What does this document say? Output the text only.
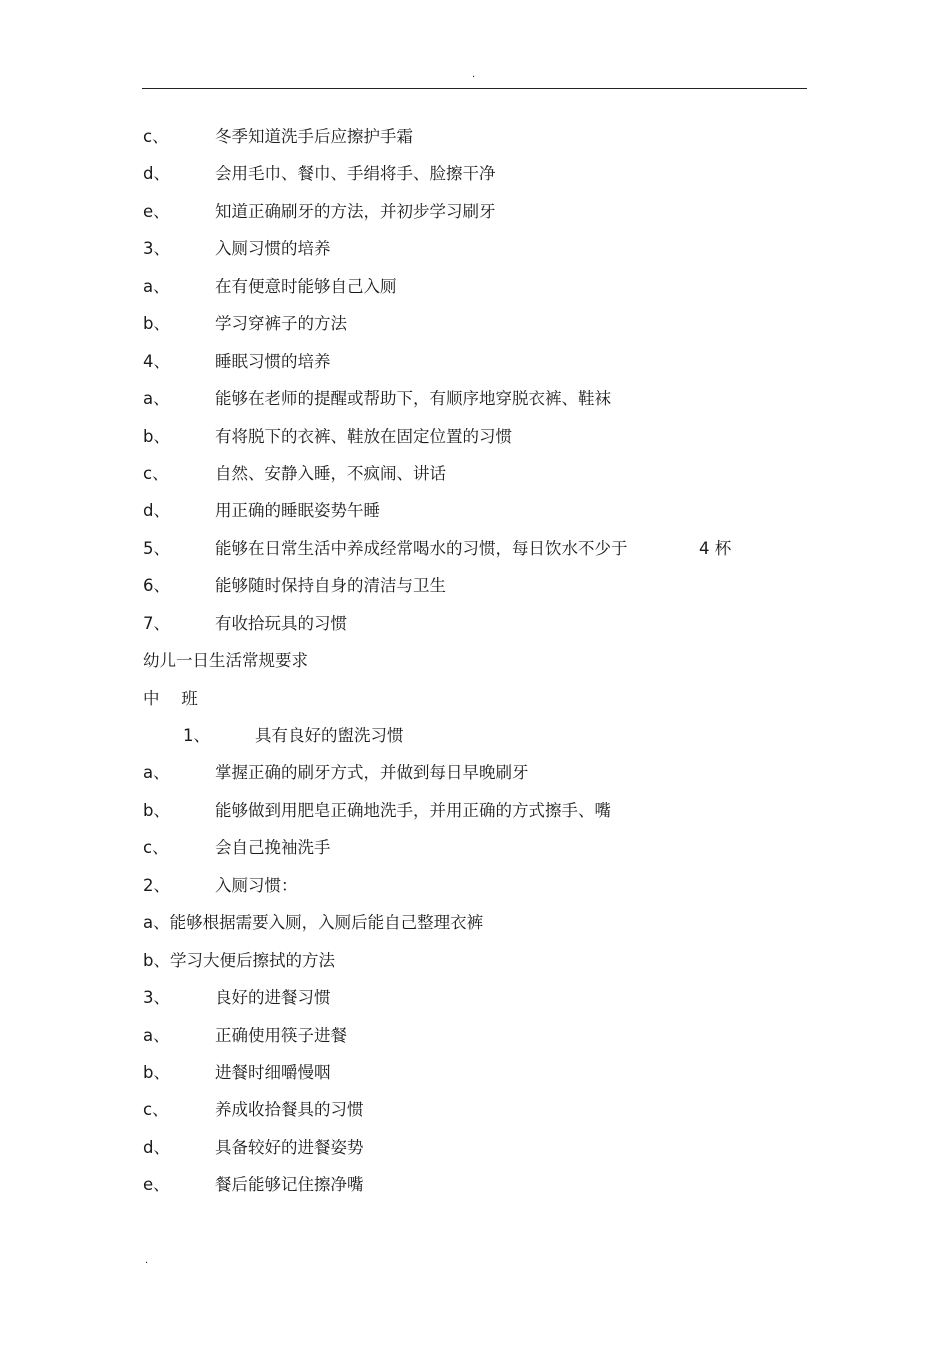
.
c、	冬季知道洗手后应擦护手霜
d、	会用毛巾、餐巾、手绢将手、脸擦干净
e、	知道正确刷牙的方法，并初步学习刷牙
3、	入厕习惯的培养
a、	在有便意时能够自己入厕
b、	学习穿裤子的方法
4、	睡眠习惯的培养
a、	能够在老师的提醒或帮助下，有顺序地穿脱衣裤、鞋袜
b、	有将脱下的衣裤、鞋放在固定位置的习惯
c、	自然、安静入睡，不疯闹、讲话
d、	用正确的睡眠姿势午睡
5、	能够在日常生活中养成经常喝水的习惯，每日饮水不少于	4 杯
6、	能够随时保持自身的清洁与卫生
7、	有收拾玩具的习惯
幼儿一日生活常规要求
中　 班
1、	具有良好的盥洗习惯
a、	掌握正确的刷牙方式，并做到每日早晚刷牙
b、	能够做到用肥皂正确地洗手，并用正确的方式擦手、嘴
c、	会自己挽袖洗手
2、	入厕习惯：
a、能够根据需要入厕，入厕后能自己整理衣裤
b、学习大便后擦拭的方法
3、	良好的进餐习惯
a、	正确使用筷子进餐
b、	进餐时细嚼慢咽
c、	养成收拾餐具的习惯
d、	具备较好的进餐姿势
e、	餐后能够记住擦净嘴
.
